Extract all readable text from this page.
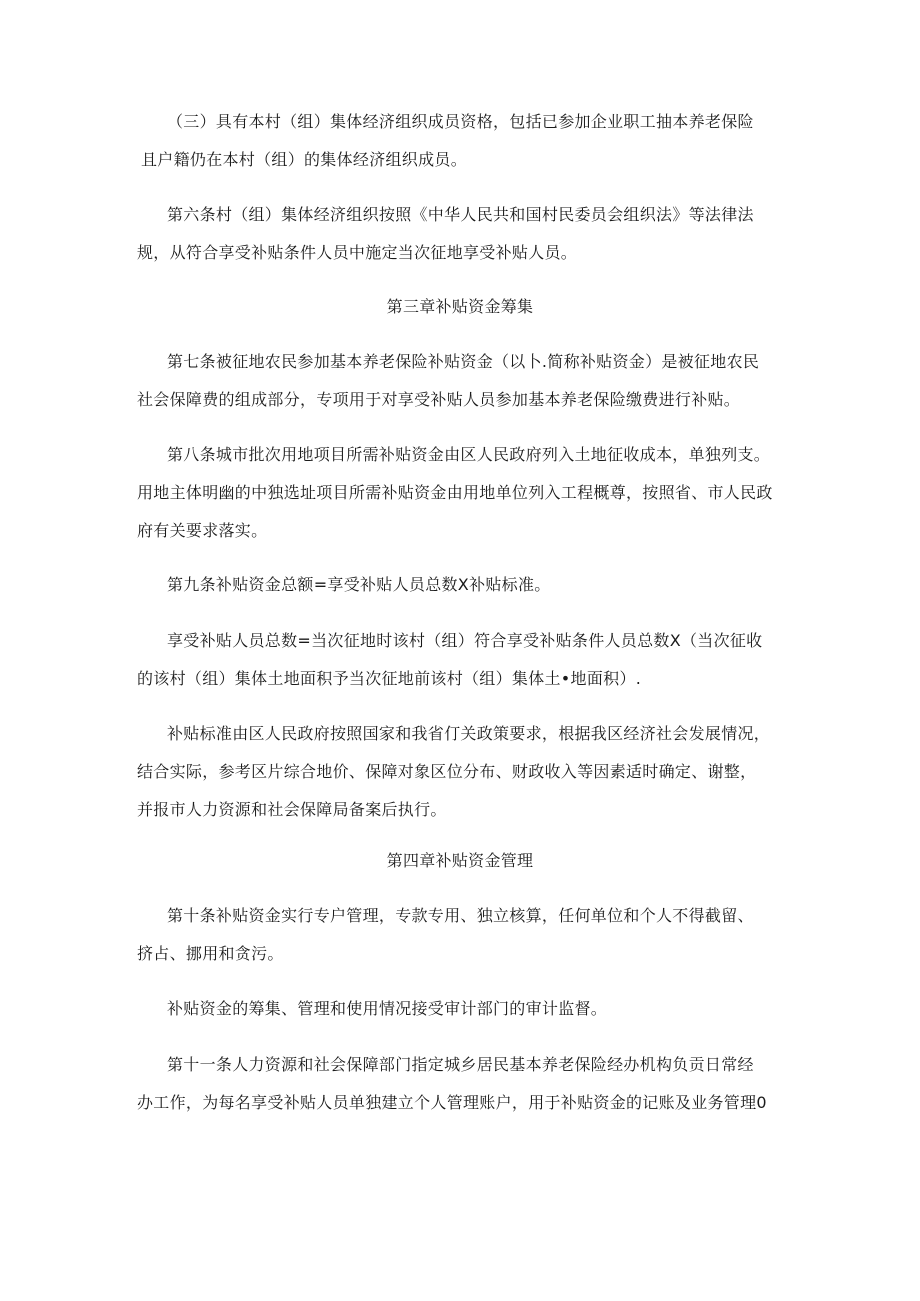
（三）具有本村（组）集体经济组织成员资格，包括已参加企业职工抽本养老保险
且户籍仍在本村（组）的集体经济组织成员。
第六条村（组）集体经济组织按照《中华人民共和国村民委员会组织法》等法律法
规，从符合享受补贴条件人员中施定当次征地享受补贴人员。
第三章补贴资金筹集
第七条被征地农民参加基本养老保险补贴资金（以卜.简称补贴资金）是被征地农民
社会保障费的组成部分，专项用于对享受补贴人员参加基本养老保险缴费进行补贴。
第八条城市批次用地项目所需补贴资金由区人民政府列入土地征收成本，单独列支。
用地主体明幽的中独选址项目所需补贴资金由用地单位列入工程概尊，按照省、市人民政
府有关要求落实。
第九条补贴资金总额=享受补贴人员总数X补贴标准。
享受补贴人员总数=当次征地时该村（组）符合享受补贴条件人员总数X（当次征收
的该村（组）集体土地面积予当次征地前该村（组）集体土•地面积）.
补贴标准由区人民政府按照国家和我省仃关政策要求，根据我区经济社会发展情况，
结合实际，参考区片综合地价、保障对象区位分布、财政收入等因素适时确定、谢整，
并报市人力资源和社会保障局备案后执行。
第四章补贴资金管理
第十条补贴资金实行专户管理，专款专用、独立核算，任何单位和个人不得截留、
挤占、挪用和贪污。
补贴资金的筹集、管理和使用情况接受审计部门的审计监督。
第十一条人力资源和社会保障部门指定城乡居民基本养老保险经办机构负贡日常经
办工作，为每名享受补贴人员单独建立个人管理账户，用于补贴资金的记账及业务管理0
